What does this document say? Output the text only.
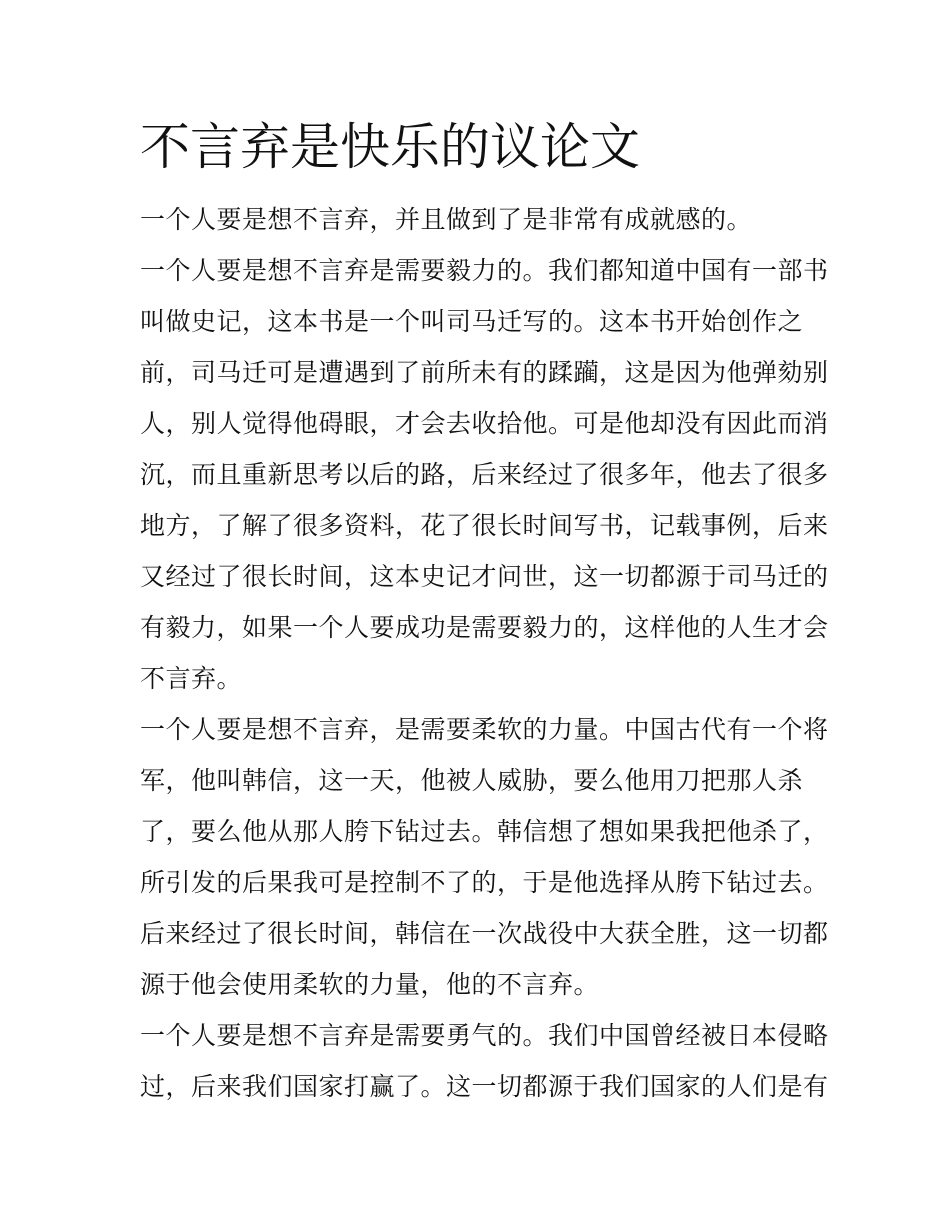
不言弃是快乐的议论文

一个人要是想不言弃，并且做到了是非常有成就感的。

一个人要是想不言弃是需要毅力的。我们都知道中国有一部书

叫做史记，这本书是一个叫司马迁写的。这本书开始创作之

前，司马迁可是遭遇到了前所未有的蹂躏，这是因为他弹劾别

人，别人觉得他碍眼，才会去收拾他。可是他却没有因此而消

沉，而且重新思考以后的路，后来经过了很多年，他去了很多

地方，了解了很多资料，花了很长时间写书，记载事例，后来

又经过了很长时间，这本史记才问世，这一切都源于司马迁的

有毅力，如果一个人要成功是需要毅力的，这样他的人生才会

不言弃。

一个人要是想不言弃，是需要柔软的力量。中国古代有一个将

军，他叫韩信，这一天，他被人威胁，要么他用刀把那人杀

了，要么他从那人胯下钻过去。韩信想了想如果我把他杀了，

所引发的后果我可是控制不了的，于是他选择从胯下钻过去。

后来经过了很长时间，韩信在一次战役中大获全胜，这一切都

源于他会使用柔软的力量，他的不言弃。

一个人要是想不言弃是需要勇气的。我们中国曾经被日本侵略

过，后来我们国家打赢了。这一切都源于我们国家的人们是有
